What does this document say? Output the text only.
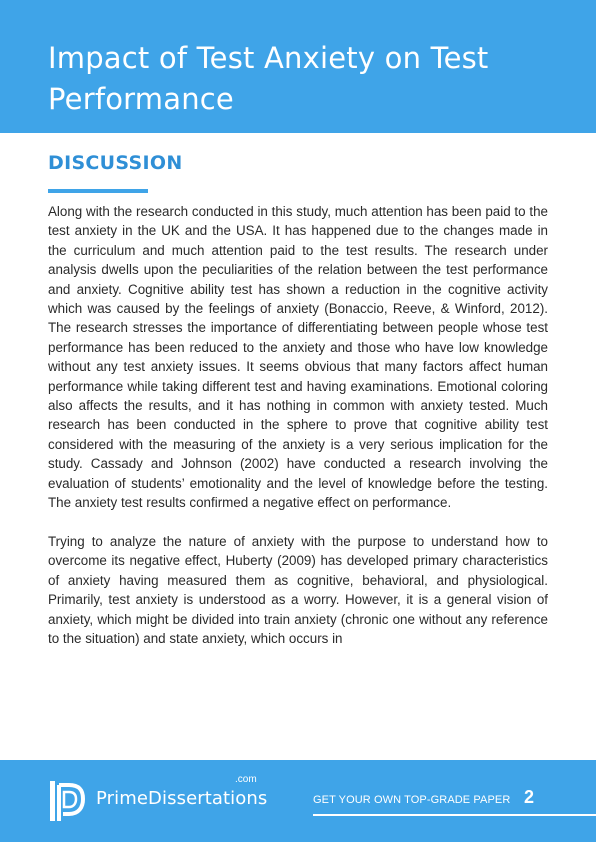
Impact of Test Anxiety on Test Performance
DISCUSSION

Along with the research conducted in this study, much attention has been paid to the test anxiety in the UK and the USA. It has happened due to the changes made in the curriculum and much attention paid to the test results. The research under analysis dwells upon the peculiarities of the relation between the test performance and anxiety. Cognitive ability test has shown a reduction in the cognitive activity which was caused by the feelings of anxiety (Bonaccio, Reeve, & Winford, 2012). The research stresses the importance of differentiating between people whose test performance has been reduced to the anxiety and those who have low knowledge without any test anxiety issues. It seems obvious that many factors affect human performance while taking different test and having examinations. Emotional coloring also affects the results, and it has nothing in common with anxiety tested. Much research has been conducted in the sphere to prove that cognitive ability test considered with the measuring of the anxiety is a very serious implication for the study. Cassady and Johnson (2002) have conducted a research involving the evaluation of students’ emotionality and the level of knowledge before the testing. The anxiety test results confirmed a negative effect on performance.

Trying to analyze the nature of anxiety with the purpose to understand how to overcome its negative effect, Huberty (2009) has developed primary characteristics of anxiety having measured them as cognitive, behavioral, and physiological. Primarily, test anxiety is understood as a worry. However, it is a general vision of anxiety, which might be divided into train anxiety (chronic one without any reference to the situation) and state anxiety, which occurs in

.com
PrimeDissertations	GET YOUR OWN TOP-GRADE PAPER 2
